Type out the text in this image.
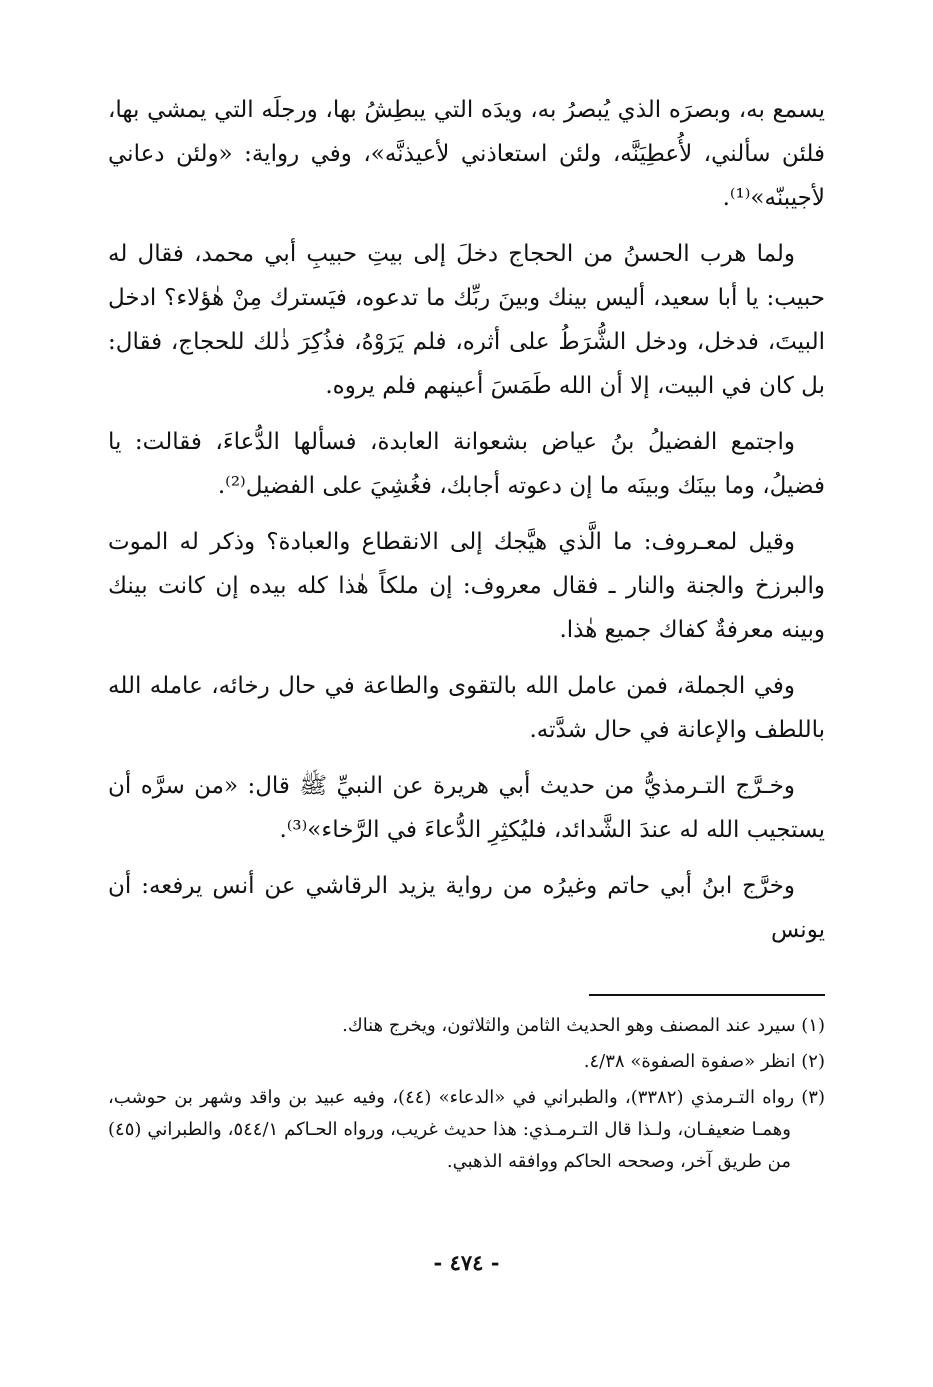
يسمع به، وبصرَه الذي يُبصرُ به، ويدَه التي يبطِشُ بها، ورجلَه التي يمشي بها، فلئن سألني، لأُعطِيَنَّه، ولئن استعاذني لأعيذنَّه»، وفي رواية: «ولئن دعاني لأجيبنّه»⁽¹⁾.

ولما هرب الحسنُ من الحجاج دخلَ إلى بيتِ حبيبِ أبي محمد، فقال له حبيب: يا أبا سعيد، أليس بينك وبينَ ربِّك ما تدعوه، فيَسترك مِنْ هٰؤلاء؟ ادخل البيتَ، فدخل، ودخل الشُّرَطُ على أثره، فلم يَرَوْهُ، فذُكِرَ ذٰلك للحجاج، فقال: بل كان في البيت، إلا أن الله طَمَسَ أعينهم فلم يروه.

واجتمع الفضيلُ بنُ عياض بشعوانة العابدة، فسألها الدُّعاءَ، فقالت: يا فضيلُ، وما بينَك وبينَه ما إن دعوته أجابك، فغُشِيَ على الفضيل⁽²⁾.

وقيل لمعـروف: ما الَّذي هيَّجك إلى الانقطاع والعبادة؟ وذكر له الموت والبرزخ والجنة والنار ـ فقال معروف: إن ملكاً هٰذا كله بيده إن كانت بينك وبينه معرفةٌ كفاك جميع هٰذا.

وفي الجملة، فمن عامل الله بالتقوى والطاعة في حال رخائه، عامله الله باللطف والإعانة في حال شدَّته.

وخـرَّج التـرمذيُّ من حديث أبي هريرة عن النبيِّ ﷺ قال: «من سرَّه أن يستجيب الله له عندَ الشَّدائد، فليُكثِرِ الدُّعاءَ في الرَّخاء»⁽³⁾.

وخرَّج ابنُ أبي حاتم وغيرُه من رواية يزيد الرقاشي عن أنس يرفعه: أن يونس

(١) سيرد عند المصنف وهو الحديث الثامن والثلاثون، ويخرج هناك.

(٢) انظر «صفوة الصفوة» ٤/٣٨.

(٣) رواه التـرمذي (٣٣٨٢)، والطبراني في «الدعاء» (٤٤)، وفيه عبيد بن واقد وشهر بن حوشب، وهمـا ضعيفـان، ولـذا قال التـرمـذي: هذا حديث غريب، ورواه الحـاكم ٥٤٤/١، والطبراني (٤٥) من طريق آخر، وصححه الحاكم ووافقه الذهبي.

- ٤٧٤ -
